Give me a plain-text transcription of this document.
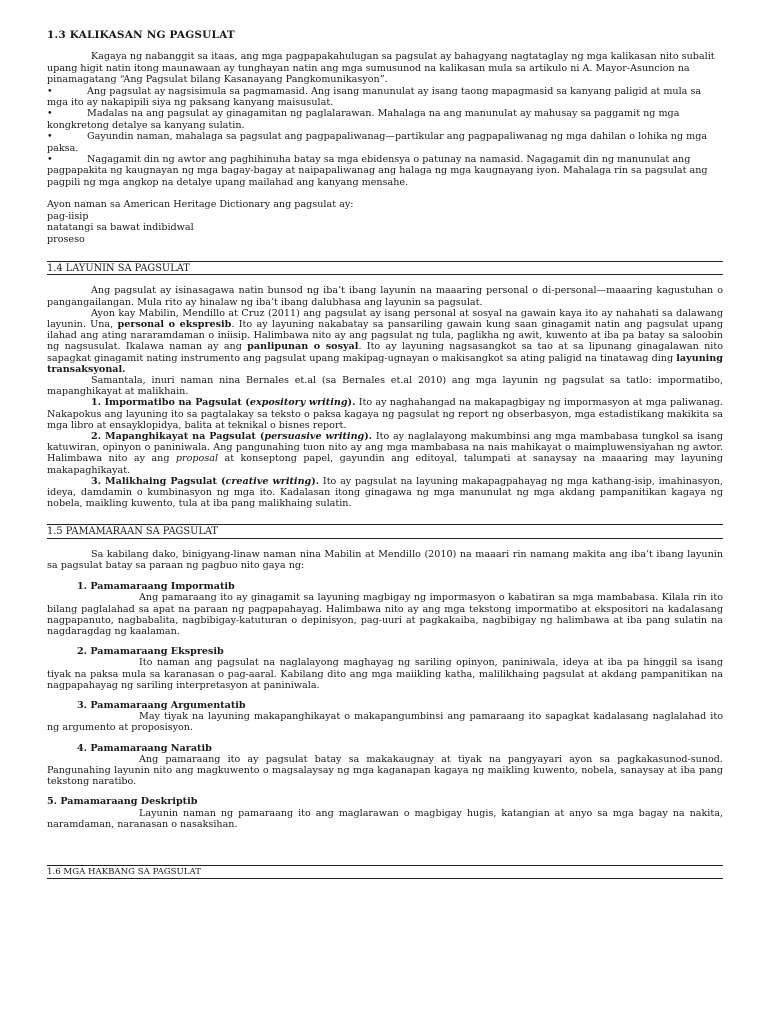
1.3 KALIKASAN NG PAGSULAT

Kagaya ng nabanggit sa itaas, ang mga pagpapakahulugan sa pagsulat ay bahagyang nagtataglay ng mga kalikasan nito subalit upang higit natin itong maunawaan ay tunghayan natin ang mga sumusunod na kalikasan mula sa artikulo ni A. Mayor-Asuncion na pinamagatang “Ang Pagsulat bilang Kasanayang Pangkomunikasyon”.

•	Ang pagsulat ay nagsisimula sa pagmamasid. Ang isang manunulat ay isang taong mapagmasid sa kanyang paligid at mula sa mga ito ay nakapipili siya ng paksang kanyang maisusulat.
•	Madalas na ang pagsulat ay ginagamitan ng paglalarawan. Mahalaga na ang manunulat ay mahusay sa paggamit ng mga kongkretong detalye sa kanyang sulatin.
•	Gayundin naman, mahalaga sa pagsulat ang pagpapaliwanag—partikular ang pagpapaliwanag ng mga dahilan o lohika ng mga paksa.
•	Nagagamit din ng awtor ang paghihinuha batay sa mga ebidensya o patunay na namasid. Nagagamit din ng manunulat ang pagpapakita ng kaugnayan ng mga bagay-bagay at naipapaliwanag ang halaga ng mga kaugnayang iyon. Mahalaga rin sa pagsulat ang pagpili ng mga angkop na detalye upang mailahad ang kanyang mensahe.

Ayon naman sa American Heritage Dictionary ang pagsulat ay:

pag-iisip
natatangi sa bawat indibidwal
proseso
1.4 LAYUNIN SA PAGSULAT

Ang pagsulat ay isinasagawa natin bunsod ng iba’t ibang layunin na maaaring personal o di-personal—maaaring kagustuhan o pangangailangan. Mula rito ay hinalaw ng iba’t ibang dalubhasa ang layunin sa pagsulat.

Ayon kay Mabilin, Mendillo at Cruz (2011) ang pagsulat ay isang personal at sosyal na gawain kaya ito ay nahahati sa dalawang layunin. Una, personal o ekspresib. Ito ay layuning nakabatay sa pansariling gawain kung saan ginagamit natin ang pagsulat upang ilahad ang ating nararamdaman o iniisip. Halimbawa nito ay ang pagsulat ng tula, paglikha ng awit, kuwento at iba pa batay sa saloobin ng nagsusulat. Ikalawa naman ay ang panlipunan o sosyal. Ito ay layuning nagsasangkot sa tao at sa lipunang ginagalawan nito sapagkat ginagamit nating instrumento ang pagsulat upang makipag-ugnayan o makisangkot sa ating paligid na tinatawag ding layuning transaksyonal.

Samantala, inuri naman nina Bernales et.al (sa Bernales et.al 2010) ang mga layunin ng pagsulat sa tatlo: impormatibo, mapanghikayat at malikhain.

1. Impormatibo na Pagsulat (expository writing). Ito ay naghahangad na makapagbigay ng impormasyon at mga paliwanag. Nakapokus ang layuning ito sa pagtalakay sa teksto o paksa kagaya ng pagsulat ng report ng obserbasyon, mga estadistikang makikita sa mga libro at ensayklopidya, balita at teknikal o bisnes report.

2. Mapanghikayat na Pagsulat (persuasive writing). Ito ay naglalayong makumbinsi ang mga mambabasa tungkol sa isang katuwiran, opinyon o paniniwala. Ang pangunahing tuon nito ay ang mga mambabasa na nais mahikayat o maimpluwensiyahan ng awtor. Halimbawa nito ay ang proposal at konseptong papel, gayundin ang editoyal, talumpati at sanaysay na maaaring may layuning makapaghikayat.

3. Malikhaing Pagsulat (creative writing). Ito ay pagsulat na layuning makapagpahayag ng mga kathang-isip, imahinasyon, ideya, damdamin o kumbinasyon ng mga ito. Kadalasan itong ginagawa ng mga manunulat ng mga akdang pampanitikan kagaya ng nobela, maikling kuwento, tula at iba pang malikhaing sulatin.

1.5 PAMAMARAAN SA PAGSULAT

Sa kabilang dako, binigyang-linaw naman nina Mabilin at Mendillo (2010) na maaari rin namang makita ang iba’t ibang layunin sa pagsulat batay sa paraan ng pagbuo nito gaya ng:

1. Pamamaraang Impormatib

Ang pamaraang ito ay ginagamit sa layuning magbigay ng impormasyon o kabatiran sa mga mambabasa. Kilala rin ito bilang paglalahad sa apat na paraan ng pagpapahayag. Halimbawa nito ay ang mga tekstong impormatibo at ekspositori na kadalasang nagpapanuto, nagbabalita, nagbibigay-katuturan o depinisyon, pag-uuri at pagkakaiba, nagbibigay ng halimbawa at iba pang sulatin na nagdaragdag ng kaalaman.

2. Pamamaraang Ekspresib

Ito naman ang pagsulat na naglalayong maghayag ng sariling opinyon, paniniwala, ideya at iba pa hinggil sa isang tiyak na paksa mula sa karanasan o pag-aaral. Kabilang dito ang mga maiikling katha, malilikhaing pagsulat at akdang pampanitikan na nagpapahayag ng sariling interpretasyon at paniniwala.

3. Pamamaraang Argumentatib

May tiyak na layuning makapanghikayat o makapangumbinsi ang pamaraang ito sapagkat kadalasang naglalahad ito ng argumento at proposisyon.

4. Pamamaraang Naratib

Ang pamaraang ito ay pagsulat batay sa makakaugnay at tiyak na pangyayari ayon sa pagkakasunod-sunod. Pangunahing layunin nito ang magkuwento o magsalaysay ng mga kaganapan kagaya ng maikling kuwento, nobela, sanaysay at iba pang tekstong naratibo.

5. Pamamaraang Deskriptib

Layunin naman ng pamaraang ito ang maglarawan o magbigay hugis, katangian at anyo sa mga bagay na nakita, naramdaman, naranasan o nasaksihan.

1.6 MGA HAKBANG SA PAGSULAT
